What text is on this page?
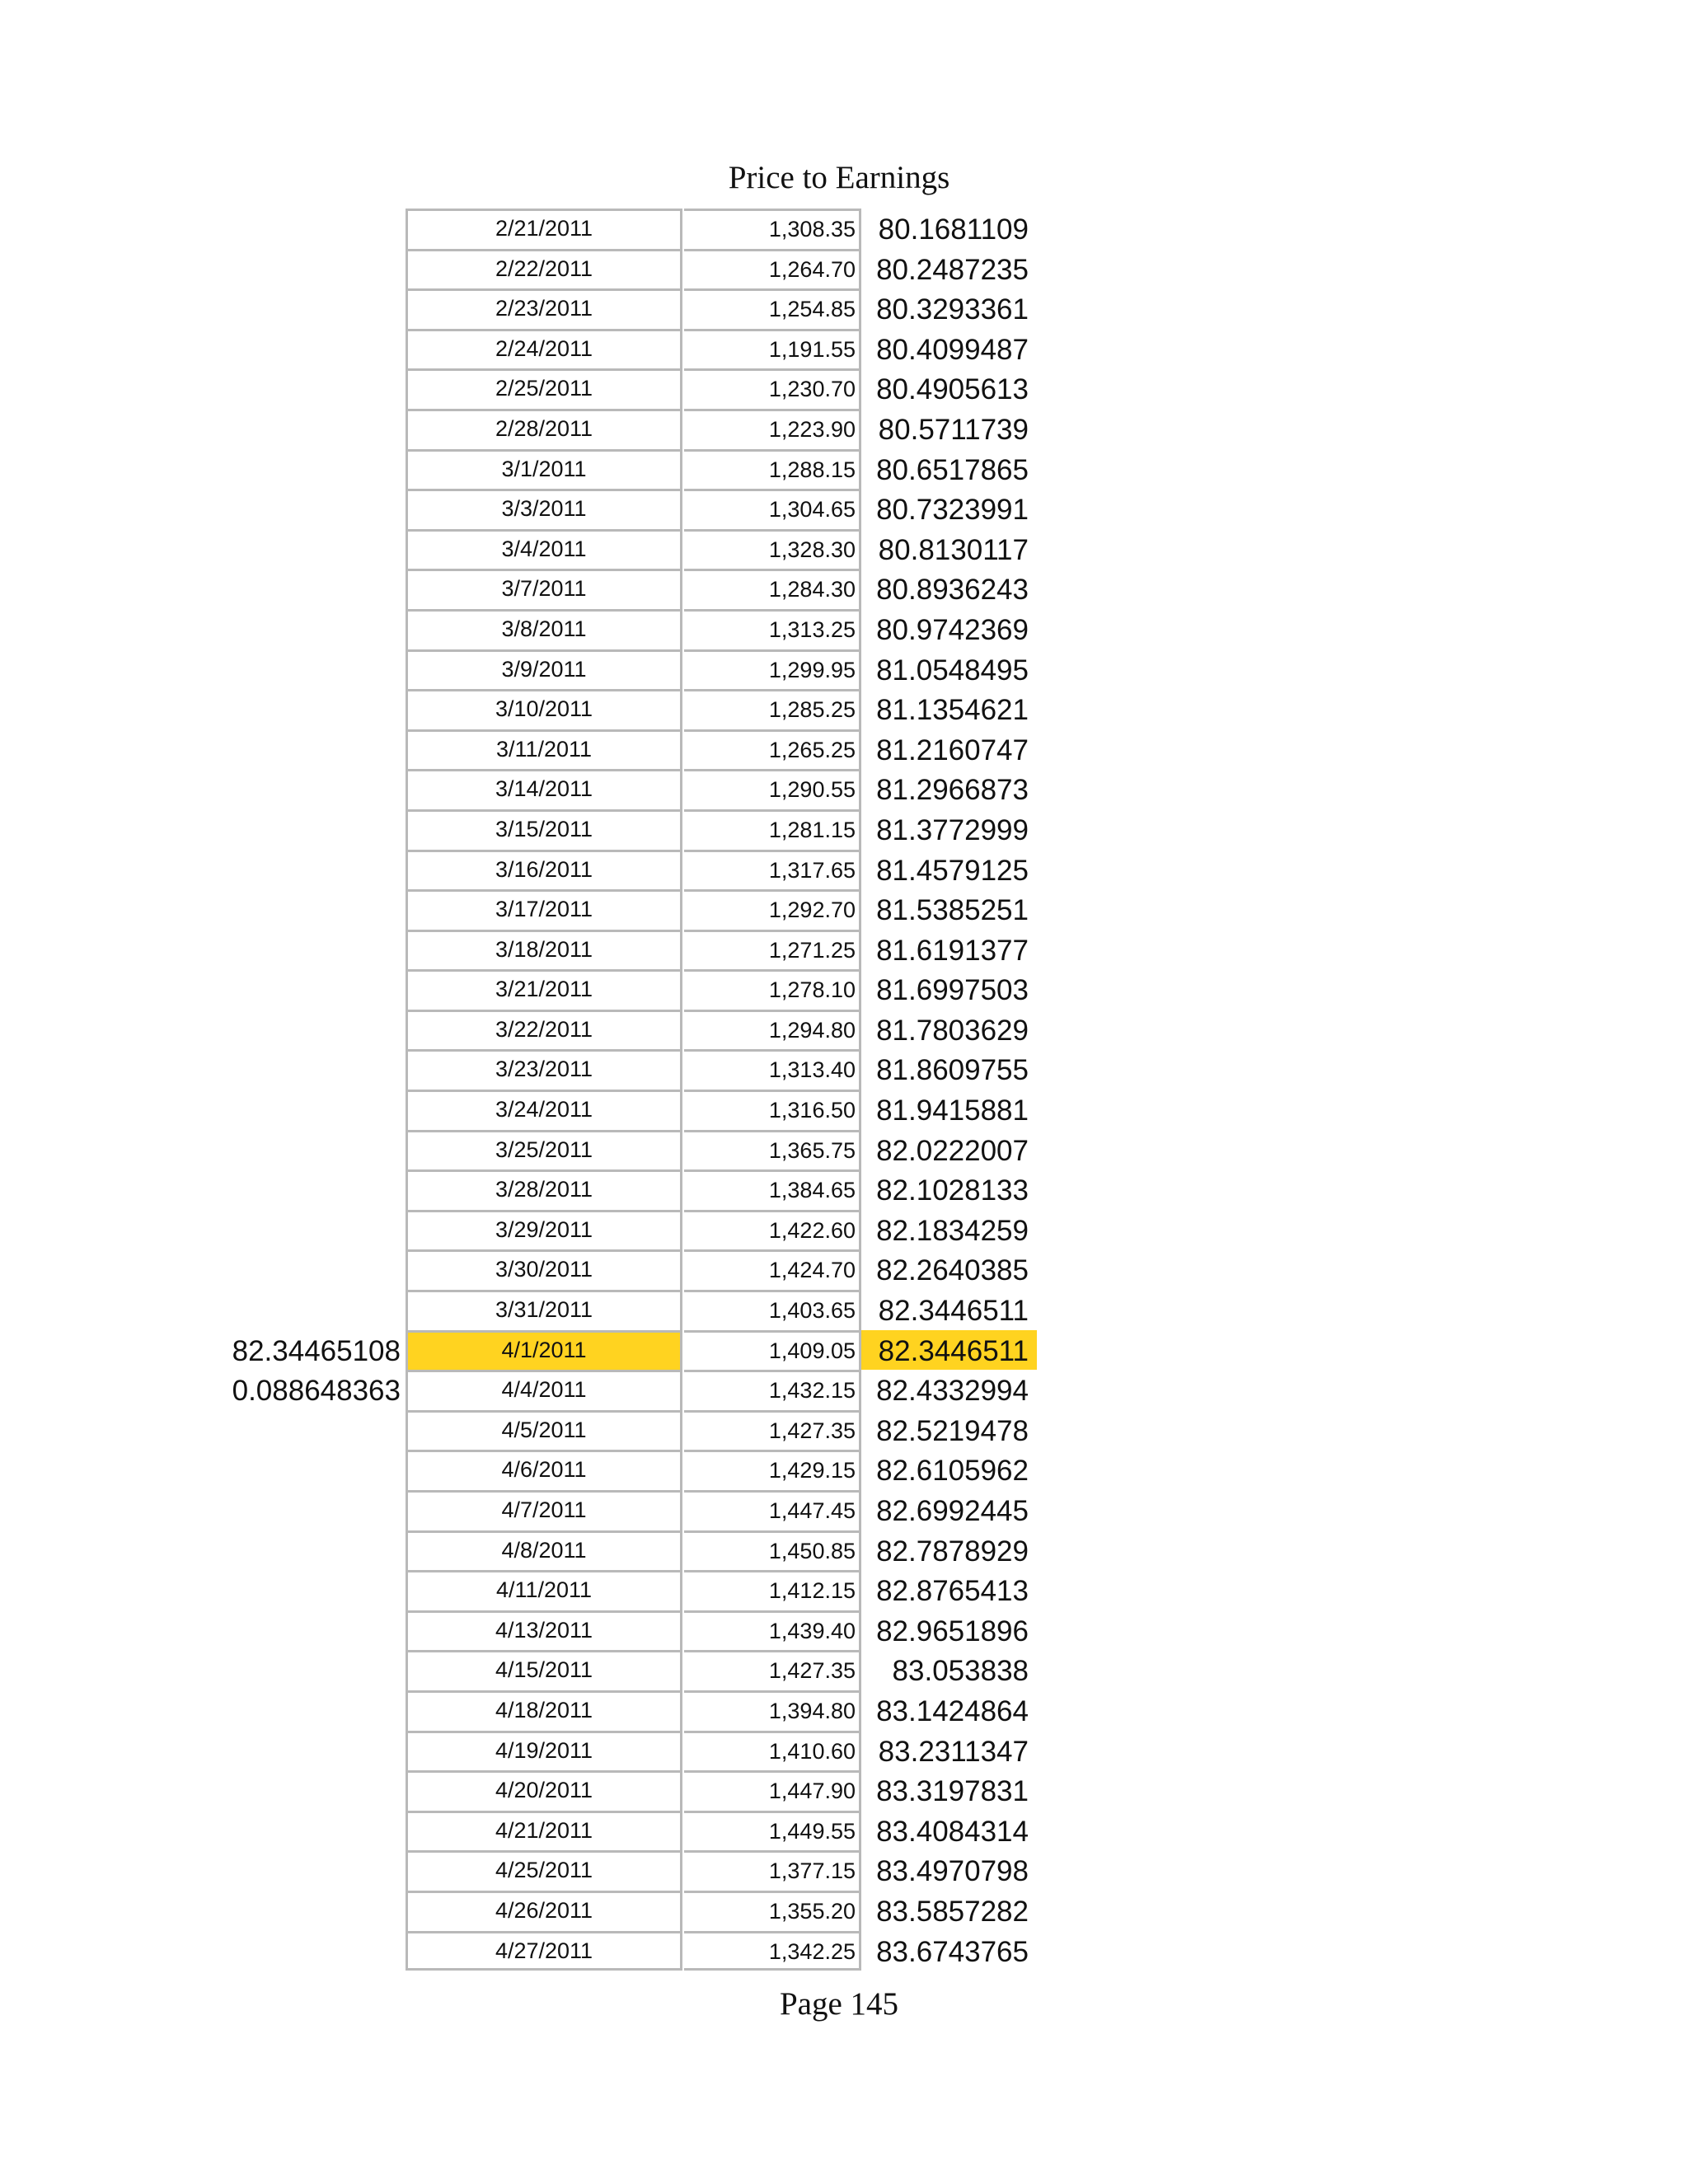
Price to Earnings
2/21/2011	1,308.35 80.1681109
2/22/2011	1,264.70 80.2487235
2/23/2011	1,254.85 80.3293361
2/24/2011	1,191.55 80.4099487
2/25/2011	1,230.70 80.4905613
2/28/2011	1,223.90 80.5711739
3/1/2011	1,288.15 80.6517865
3/3/2011	1,304.65 80.7323991
3/4/2011	1,328.30 80.8130117
3/7/2011	1,284.30 80.8936243
3/8/2011	1,313.25 80.9742369
3/9/2011	1,299.95 81.0548495
3/10/2011	1,285.25 81.1354621
3/11/2011	1,265.25 81.2160747
3/14/2011	1,290.55 81.2966873
3/15/2011	1,281.15 81.3772999
3/16/2011	1,317.65 81.4579125
3/17/2011	1,292.70 81.5385251
3/18/2011	1,271.25 81.6191377
3/21/2011	1,278.10 81.6997503
3/22/2011	1,294.80 81.7803629
3/23/2011	1,313.40 81.8609755
3/24/2011	1,316.50 81.9415881
3/25/2011	1,365.75 82.0222007
3/28/2011	1,384.65 82.1028133
3/29/2011	1,422.60 82.1834259
3/30/2011	1,424.70 82.2640385
3/31/2011	1,403.65 82.3446511
82.34465108	4/1/2011	1,409.05 82.3446511
0.088648363	4/4/2011	1,432.15 82.4332994
4/5/2011	1,427.35 82.5219478
4/6/2011	1,429.15 82.6105962
4/7/2011	1,447.45 82.6992445
4/8/2011	1,450.85 82.7878929
4/11/2011	1,412.15 82.8765413
4/13/2011	1,439.40 82.9651896
4/15/2011	1,427.35	83.053838
4/18/2011	1,394.80 83.1424864
4/19/2011	1,410.60 83.2311347
4/20/2011	1,447.90 83.3197831
4/21/2011	1,449.55 83.4084314
4/25/2011	1,377.15 83.4970798
4/26/2011	1,355.20 83.5857282
4/27/2011	1,342.25 83.6743765
Page 145
